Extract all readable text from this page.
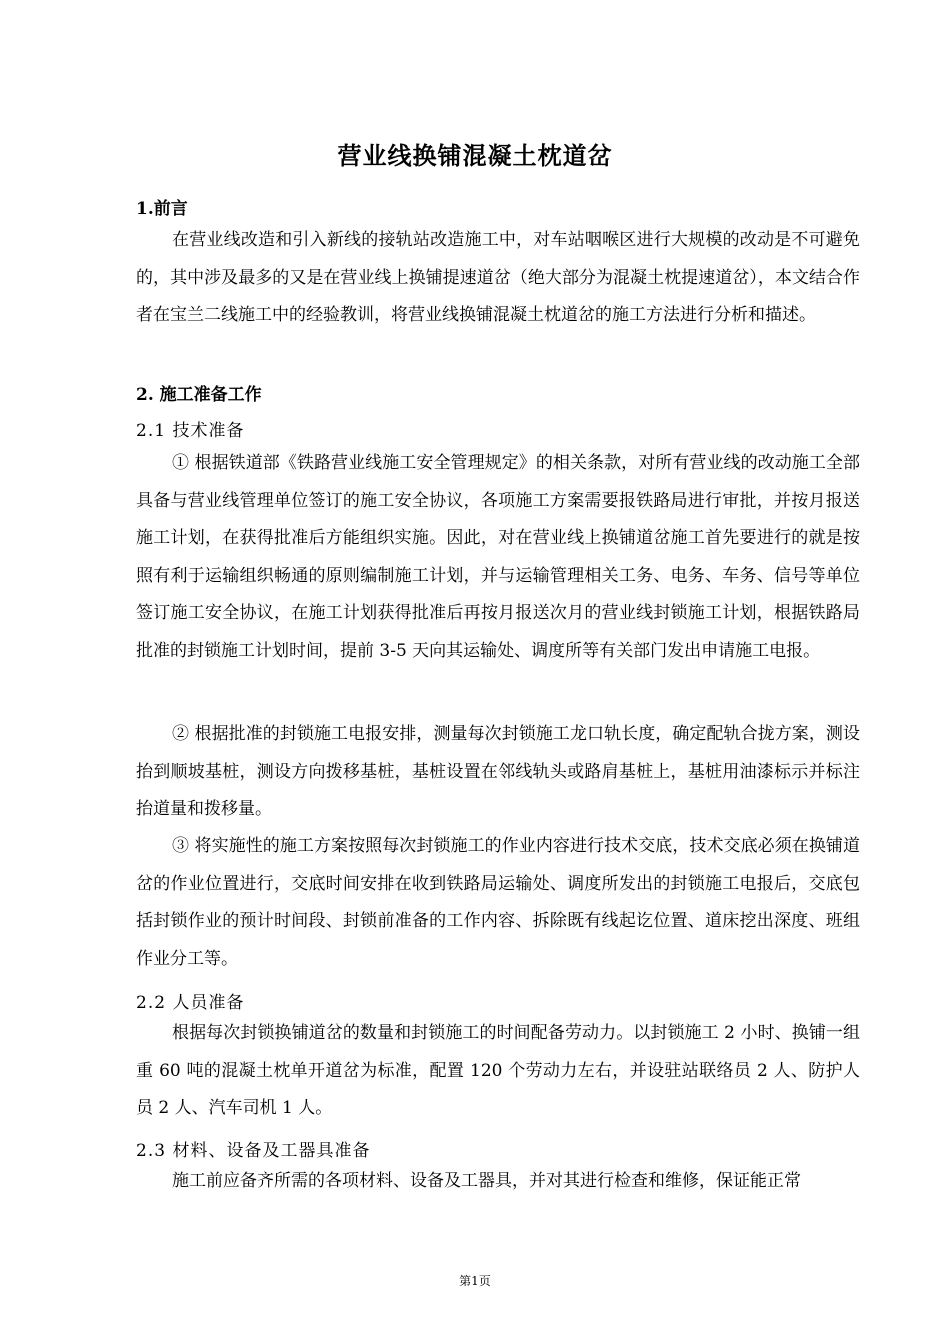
营业线换铺混凝土枕道岔
1.前言

在营业线改造和引入新线的接轨站改造施工中，对车站咽喉区进行大规模的改动是不可避免的，其中涉及最多的又是在营业线上换铺提速道岔（绝大部分为混凝土枕提速道岔），本文结合作者在宝兰二线施工中的经验教训，将营业线换铺混凝土枕道岔的施工方法进行分析和描述。

2. 施工准备工作
2.1 技术准备

① 根据铁道部《铁路营业线施工安全管理规定》的相关条款，对所有营业线的改动施工全部具备与营业线管理单位签订的施工安全协议，各项施工方案需要报铁路局进行审批，并按月报送施工计划，在获得批准后方能组织实施。因此，对在营业线上换铺道岔施工首先要进行的就是按照有利于运输组织畅通的原则编制施工计划，并与运输管理相关工务、电务、车务、信号等单位签订施工安全协议，在施工计划获得批准后再按月报送次月的营业线封锁施工计划，根据铁路局批准的封锁施工计划时间，提前 3-5 天向其运输处、调度所等有关部门发出申请施工电报。

② 根据批准的封锁施工电报安排，测量每次封锁施工龙口轨长度，确定配轨合拢方案，测设抬到顺坡基桩，测设方向拨移基桩，基桩设置在邻线轨头或路肩基桩上，基桩用油漆标示并标注抬道量和拨移量。

③ 将实施性的施工方案按照每次封锁施工的作业内容进行技术交底，技术交底必须在换铺道岔的作业位置进行，交底时间安排在收到铁路局运输处、调度所发出的封锁施工电报后，交底包括封锁作业的预计时间段、封锁前准备的工作内容、拆除既有线起讫位置、道床挖出深度、班组作业分工等。

2.2 人员准备

根据每次封锁换铺道岔的数量和封锁施工的时间配备劳动力。以封锁施工 2 小时、换铺一组重 60 吨的混凝土枕单开道岔为标准，配置 120 个劳动力左右，并设驻站联络员 2 人、防护人员 2 人、汽车司机 1 人。

2.3 材料、设备及工器具准备

施工前应备齐所需的各项材料、设备及工器具，并对其进行检查和维修，保证能正常

第1页
